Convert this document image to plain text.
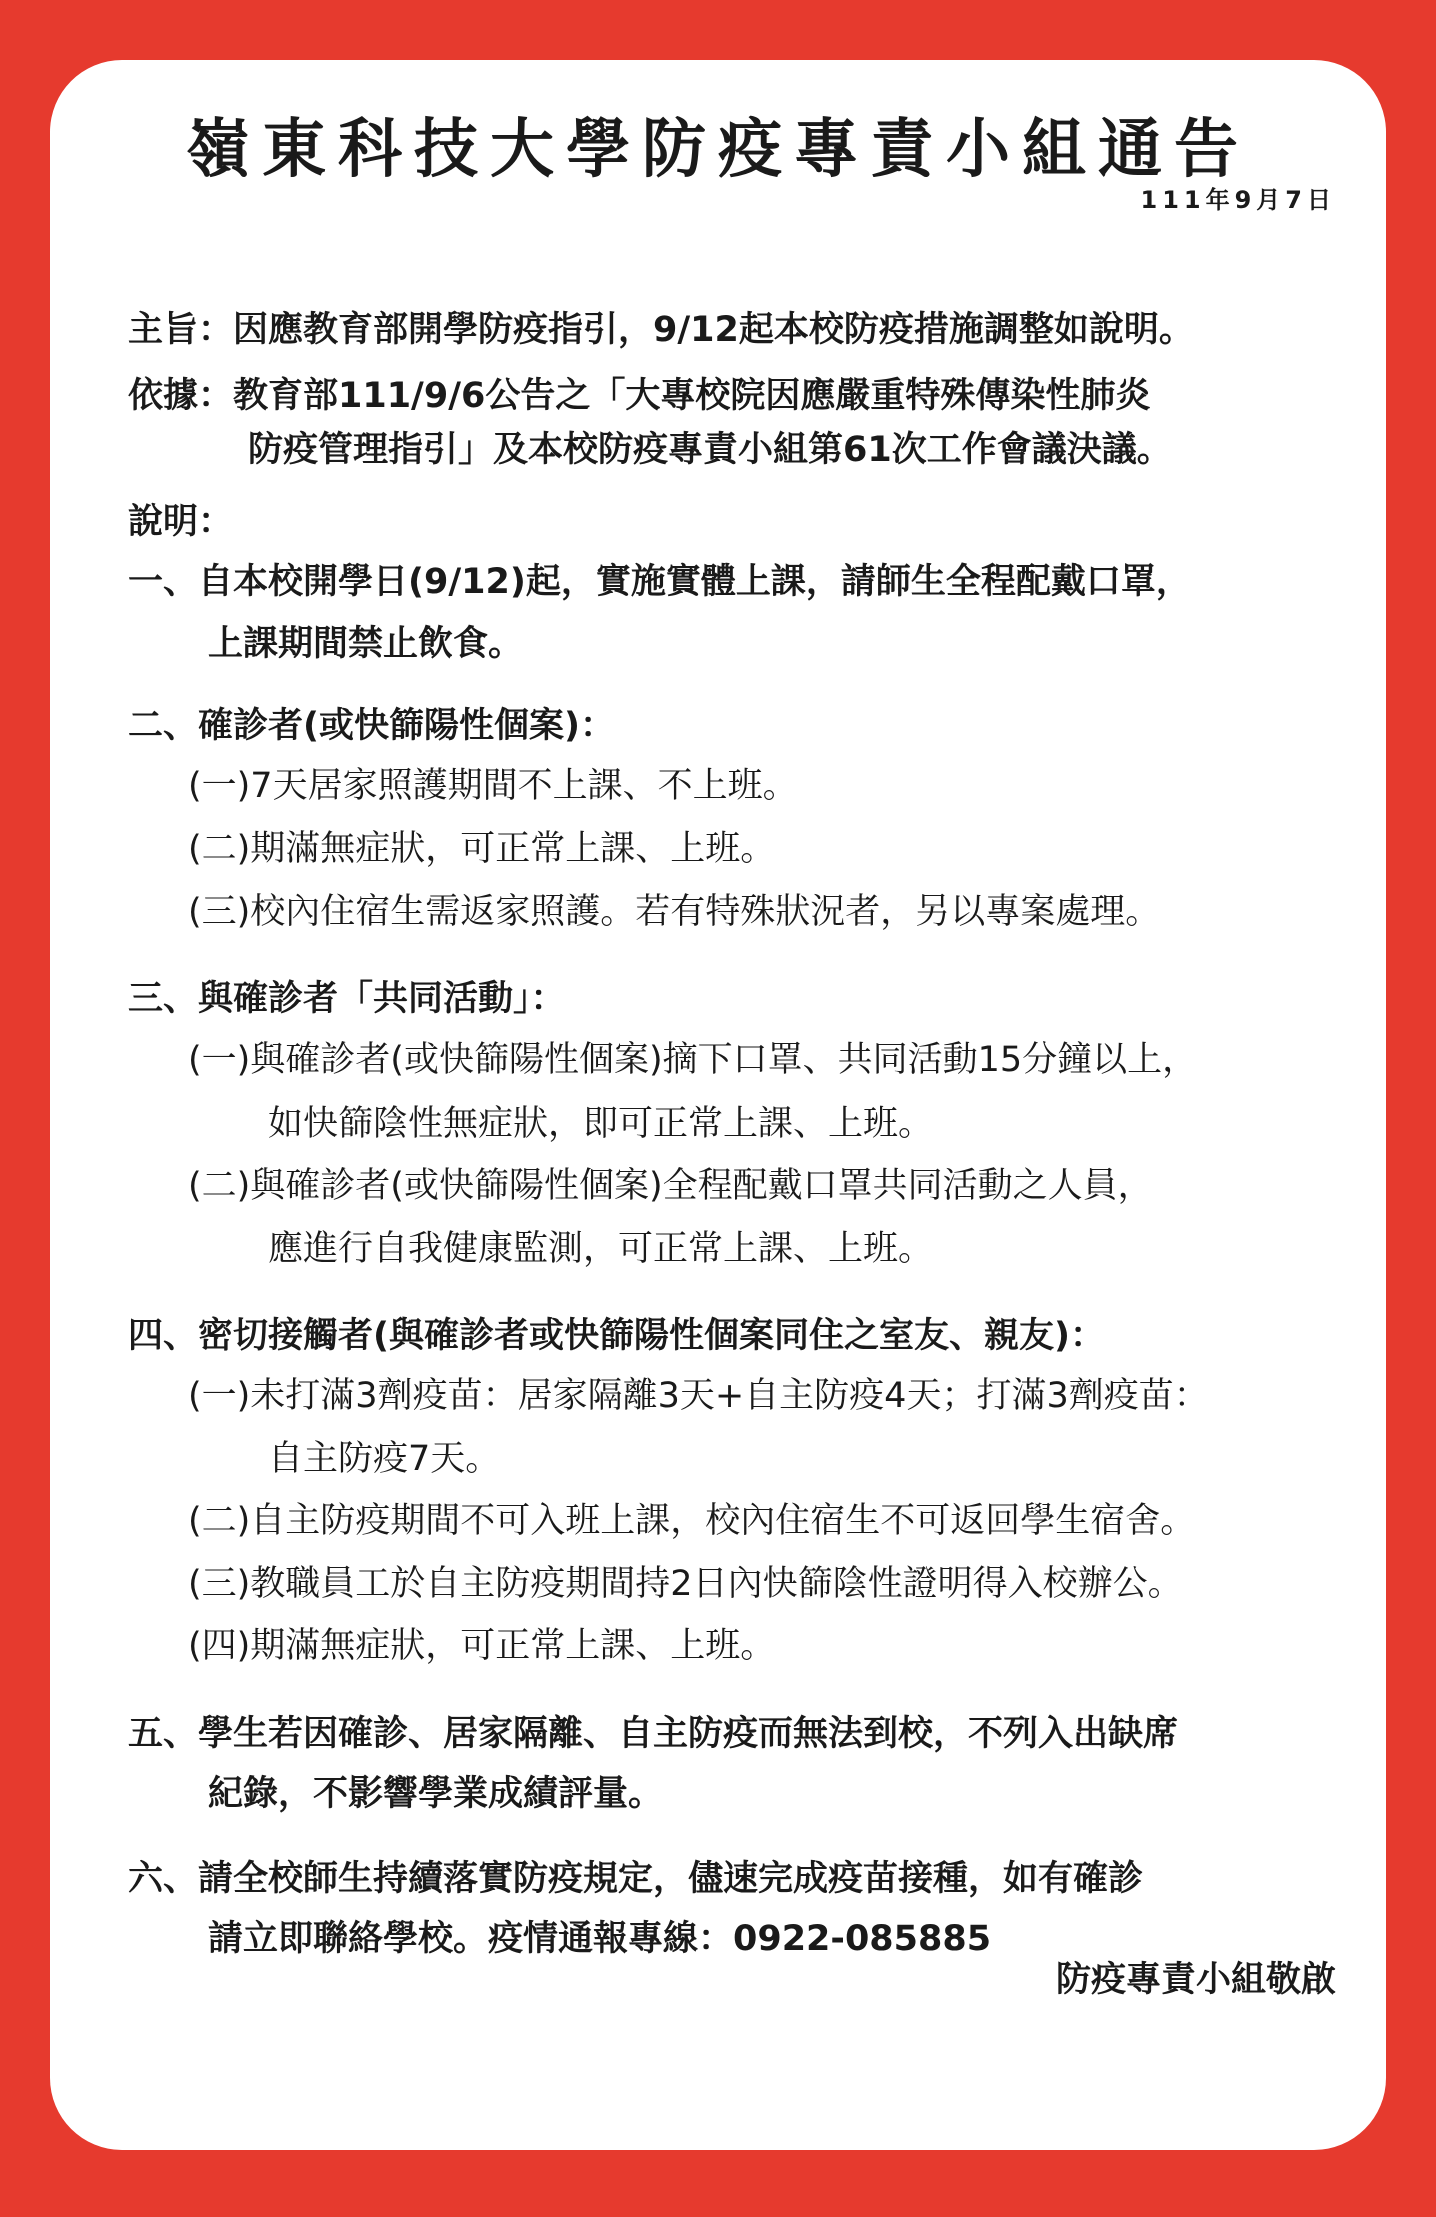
嶺東科技大學防疫專責小組通告
111年9月7日
主旨：因應教育部開學防疫指引，9/12起本校防疫措施調整如說明。
依據：教育部111/9/6公告之「大專校院因應嚴重特殊傳染性肺炎
防疫管理指引」及本校防疫專責小組第61次工作會議決議。
說明：
一、自本校開學日(9/12)起，實施實體上課，請師生全程配戴口罩，
上課期間禁止飲食。
二、確診者(或快篩陽性個案)：
(一)7天居家照護期間不上課、不上班。
(二)期滿無症狀，可正常上課、上班。
(三)校內住宿生需返家照護。若有特殊狀況者，另以專案處理。
三、與確診者「共同活動」：
(一)與確診者(或快篩陽性個案)摘下口罩、共同活動15分鐘以上，
如快篩陰性無症狀，即可正常上課、上班。
(二)與確診者(或快篩陽性個案)全程配戴口罩共同活動之人員，
應進行自我健康監測，可正常上課、上班。
四、密切接觸者(與確診者或快篩陽性個案同住之室友、親友)：
(一)未打滿3劑疫苗：居家隔離3天+自主防疫4天；打滿3劑疫苗：
自主防疫7天。
(二)自主防疫期間不可入班上課，校內住宿生不可返回學生宿舍。
(三)教職員工於自主防疫期間持2日內快篩陰性證明得入校辦公。
(四)期滿無症狀，可正常上課、上班。
五、學生若因確診、居家隔離、自主防疫而無法到校，不列入出缺席
紀錄，不影響學業成績評量。
六、請全校師生持續落實防疫規定，儘速完成疫苗接種，如有確診
請立即聯絡學校。疫情通報專線：0922-085885
防疫專責小組敬啟
